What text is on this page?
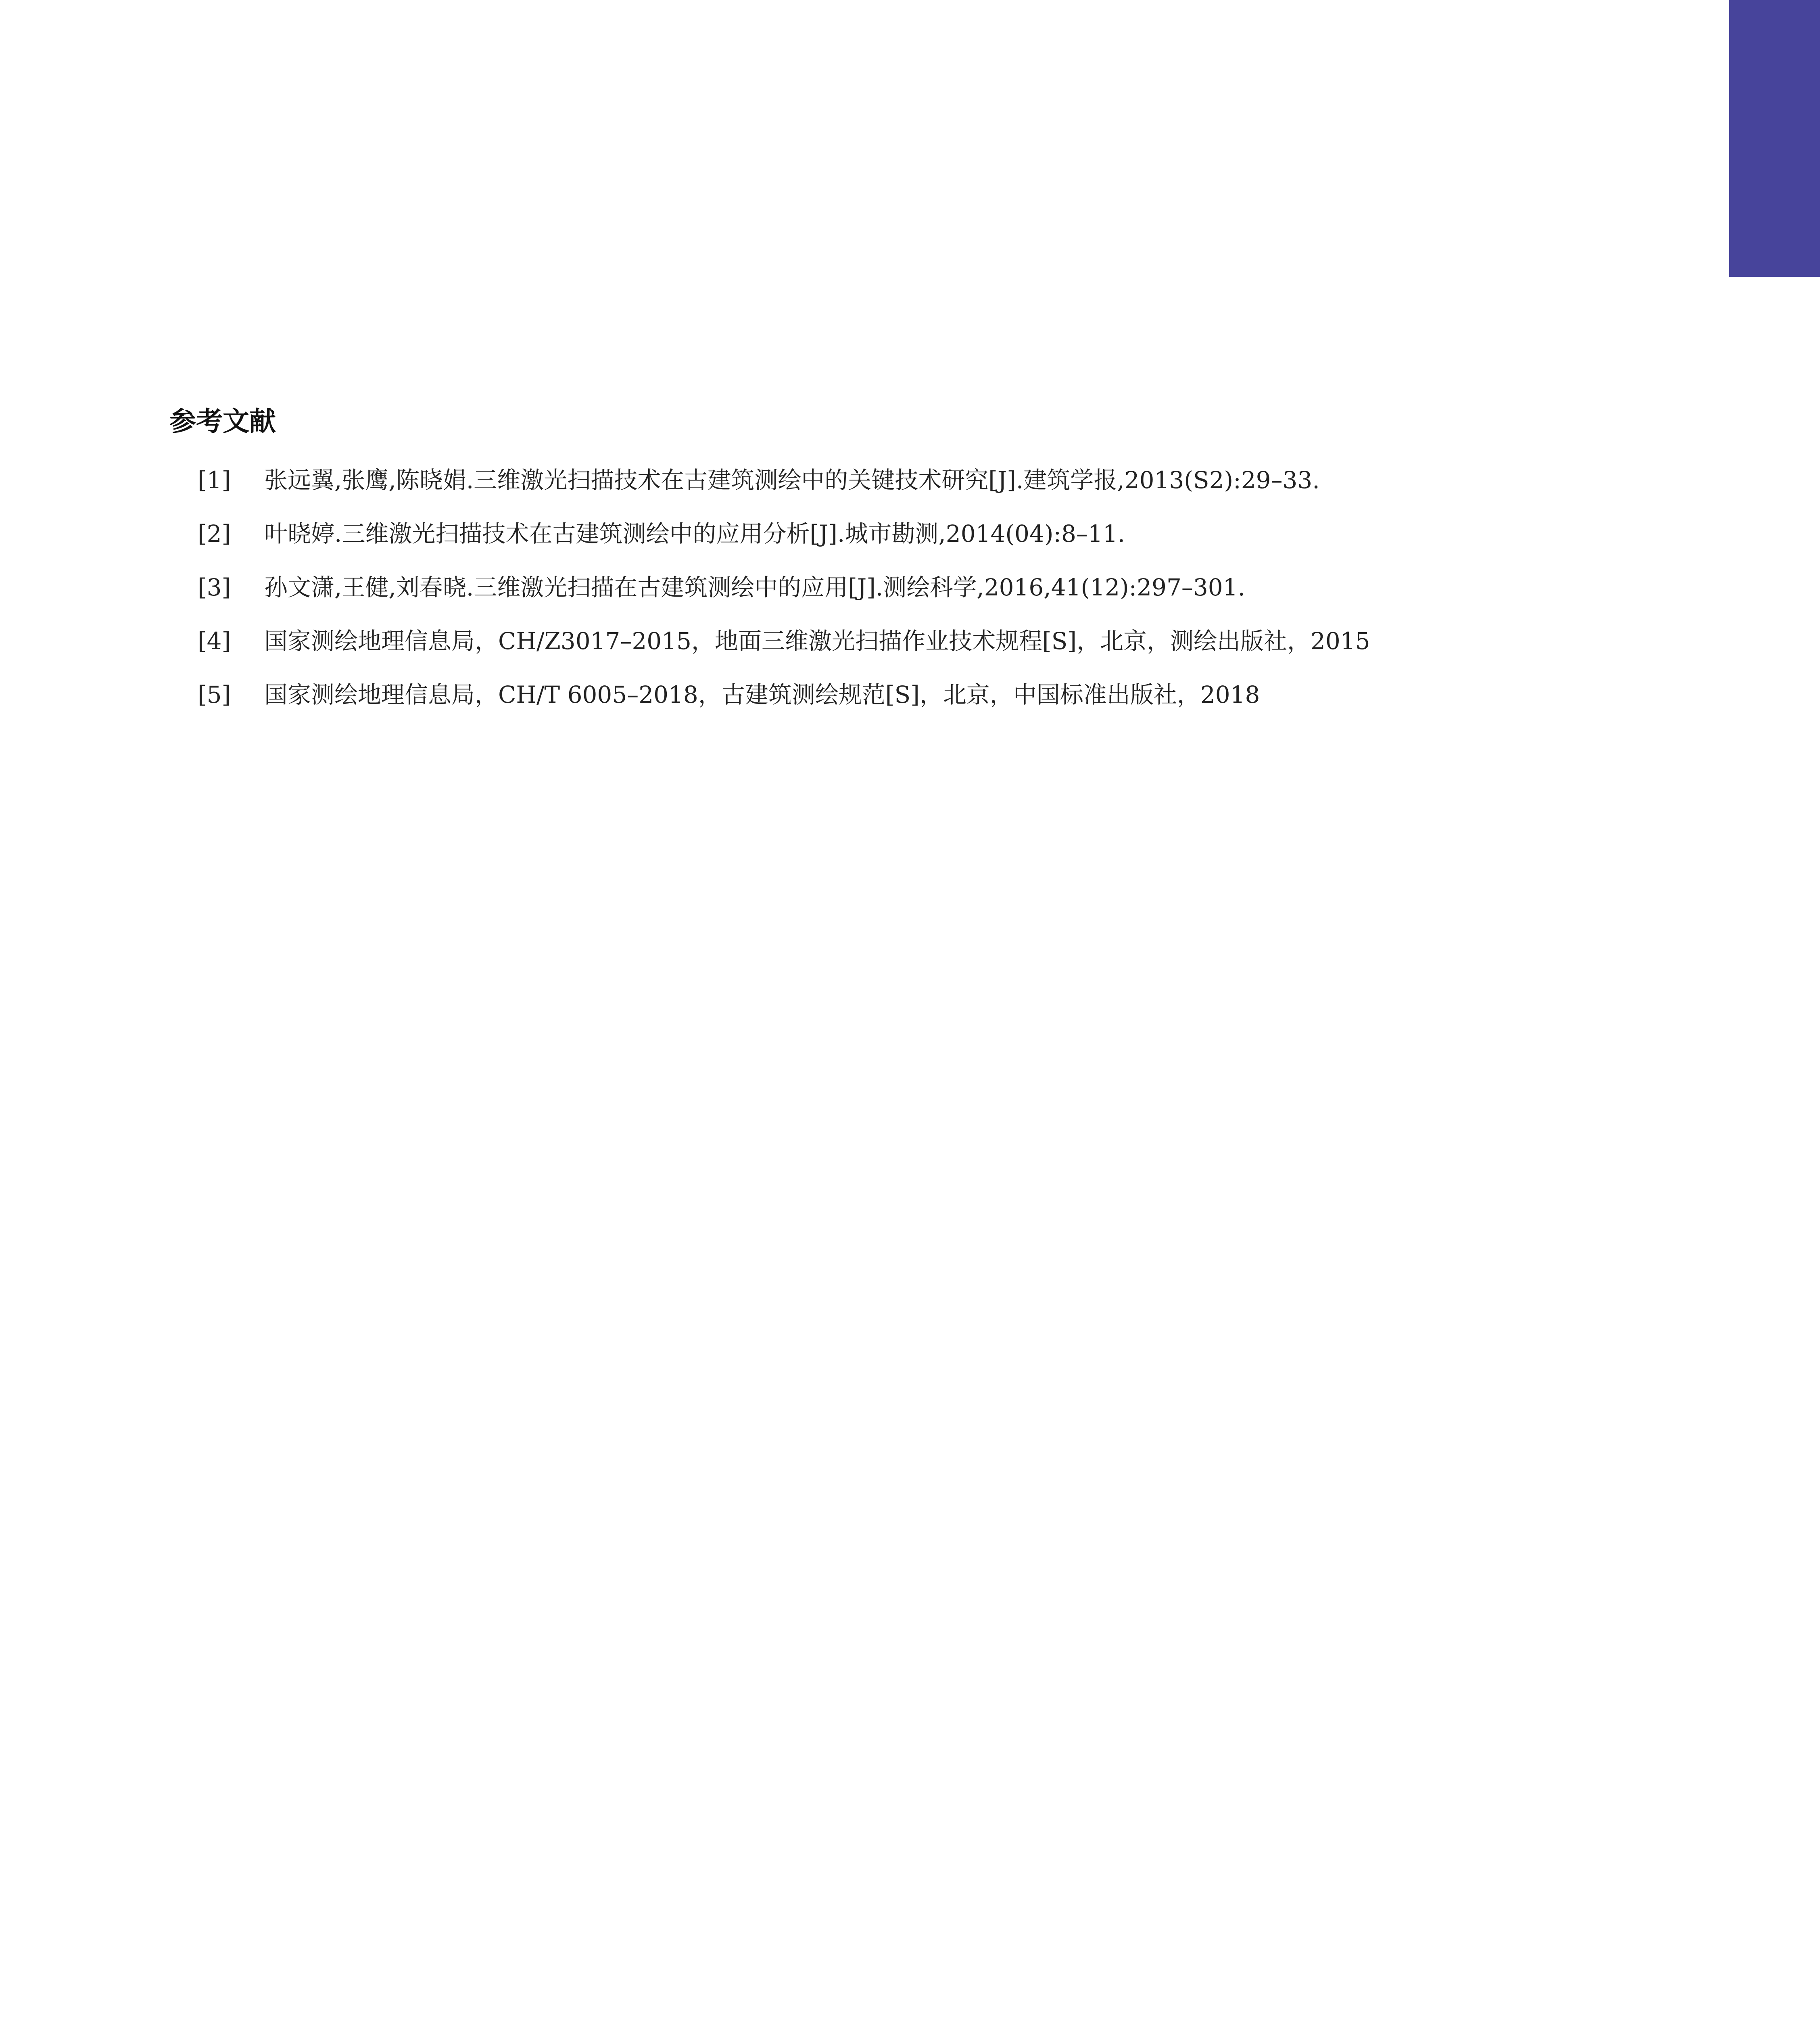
参考文献
[1]	张远翼,张鹰,陈晓娟.三维激光扫描技术在古建筑测绘中的关键技术研究[J].建筑学报,2013(S2):29–33.
[2]	叶晓婷.三维激光扫描技术在古建筑测绘中的应用分析[J].城市勘测,2014(04):8–11.
[3]	孙文潇,王健,刘春晓.三维激光扫描在古建筑测绘中的应用[J].测绘科学,2016,41(12):297–301.
[4]	国家测绘地理信息局，CH/Z3017–2015，地面三维激光扫描作业技术规程[S]，北京，测绘出版社，2015
[5]	国家测绘地理信息局，CH/T 6005–2018，古建筑测绘规范[S]，北京，中国标准出版社，2018
